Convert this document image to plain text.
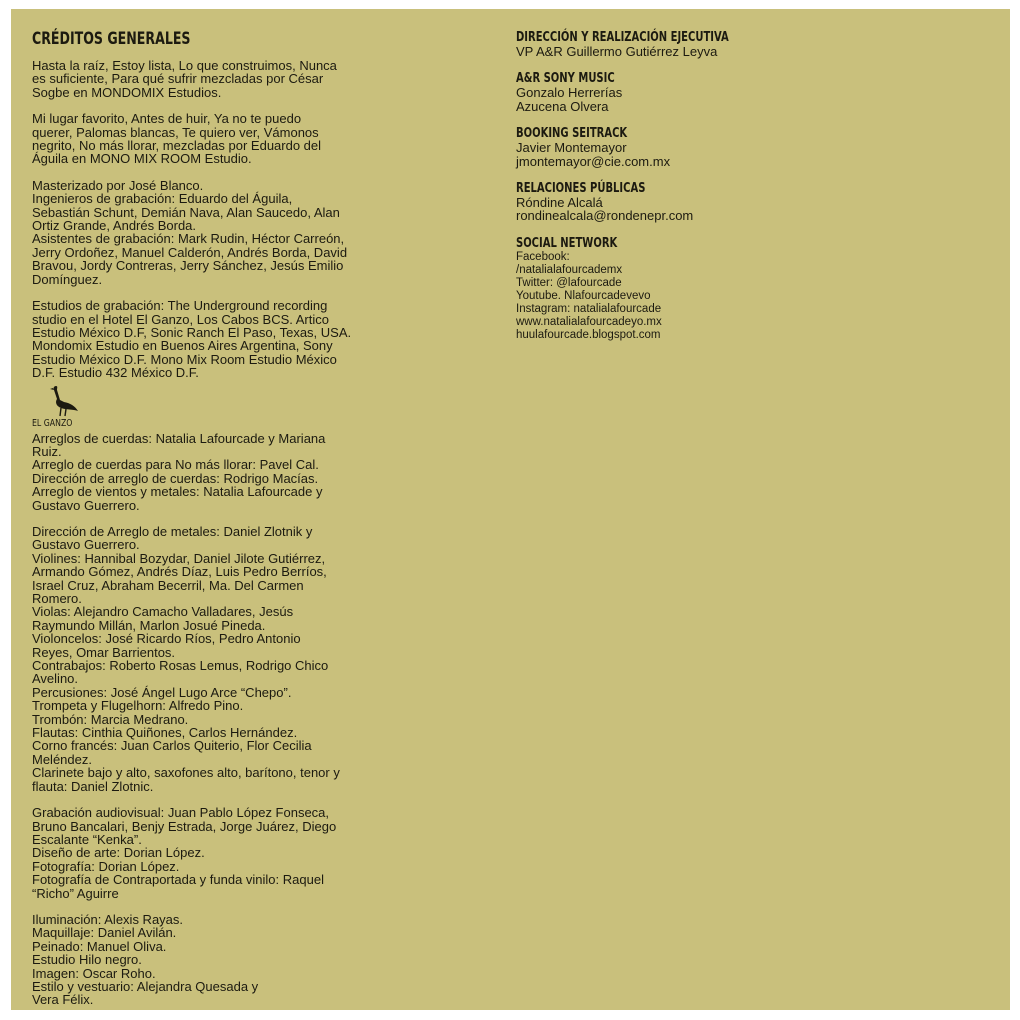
CRÉDITOS GENERALES

Hasta la raíz, Estoy lista, Lo que construimos, Nunca
es suficiente, Para qué sufrir mezcladas por César
Sogbe en MONDOMIX Estudios.

Mi lugar favorito, Antes de huir, Ya no te puedo
querer, Palomas blancas, Te quiero ver, Vámonos
negrito, No más llorar, mezcladas por Eduardo del
Águila en MONO MIX ROOM Estudio.

Masterizado por José Blanco.
Ingenieros de grabación: Eduardo del Águila,
Sebastián Schunt, Demián Nava, Alan Saucedo, Alan
Ortiz Grande, Andrés Borda.
Asistentes de grabación: Mark Rudin, Héctor Carreón,
Jerry Ordoñez, Manuel Calderón, Andrés Borda, David
Bravou, Jordy Contreras, Jerry Sánchez, Jesús Emilio
Domínguez.

Estudios de grabación: The Underground recording
studio en el Hotel El Ganzo, Los Cabos BCS. Artico
Estudio México D.F, Sonic Ranch El Paso, Texas, USA.
Mondomix Estudio en Buenos Aires Argentina, Sony
Estudio México D.F. Mono Mix Room Estudio México
D.F. Estudio 432 México D.F.

EL GANZO

Arreglos de cuerdas: Natalia Lafourcade y Mariana
Ruiz.
Arreglo de cuerdas para No más llorar: Pavel Cal.
Dirección de arreglo de cuerdas: Rodrigo Macías.
Arreglo de vientos y metales: Natalia Lafourcade y
Gustavo Guerrero.

Dirección de Arreglo de metales: Daniel Zlotnik y
Gustavo Guerrero.
Violines: Hannibal Bozydar, Daniel Jilote Gutiérrez,
Armando Gómez, Andrés Díaz, Luis Pedro Berríos,
Israel Cruz, Abraham Becerril, Ma. Del Carmen
Romero.
Violas: Alejandro Camacho Valladares, Jesús
Raymundo Millán, Marlon Josué Pineda.
Violoncelos: José Ricardo Ríos, Pedro Antonio
Reyes, Omar Barrientos.
Contrabajos: Roberto Rosas Lemus, Rodrigo Chico
Avelino.
Percusiones: José Ángel Lugo Arce “Chepo”.
Trompeta y Flugelhorn: Alfredo Pino.
Trombón: Marcia Medrano.
Flautas: Cinthia Quiñones, Carlos Hernández.
Corno francés: Juan Carlos Quiterio, Flor Cecilia
Meléndez.
Clarinete bajo y alto, saxofones alto, barítono, tenor y
flauta: Daniel Zlotnic.

Grabación audiovisual: Juan Pablo López Fonseca,
Bruno Bancalari, Benjy Estrada, Jorge Juárez, Diego
Escalante “Kenka”.
Diseño de arte: Dorian López.
Fotografía: Dorian López.
Fotografía de Contraportada y funda vinilo: Raquel
“Richo” Aguirre

Iluminación: Alexis Rayas.
Maquillaje: Daniel Avilán.
Peinado: Manuel Oliva.
Estudio Hilo negro.
Imagen: Oscar Roho.
Estilo y vestuario: Alejandra Quesada y
Vera Félix.

DIRECCIÓN Y REALIZACIÓN EJECUTIVA
VP A&R Guillermo Gutiérrez Leyva
A&R SONY MUSIC
Gonzalo Herrerías
Azucena Olvera
BOOKING SEITRACK
Javier Montemayor
jmontemayor@cie.com.mx
RELACIONES PÚBLICAS
Róndine Alcalá
rondinealcala@rondenepr.com
SOCIAL NETWORK
Facebook:
/natalialafourcademx
Twitter: @lafourcade
Youtube. Nlafourcadevevo
Instagram: natalialafourcade
www.natalialafourcadeyo.mx
huulafourcade.blogspot.com
